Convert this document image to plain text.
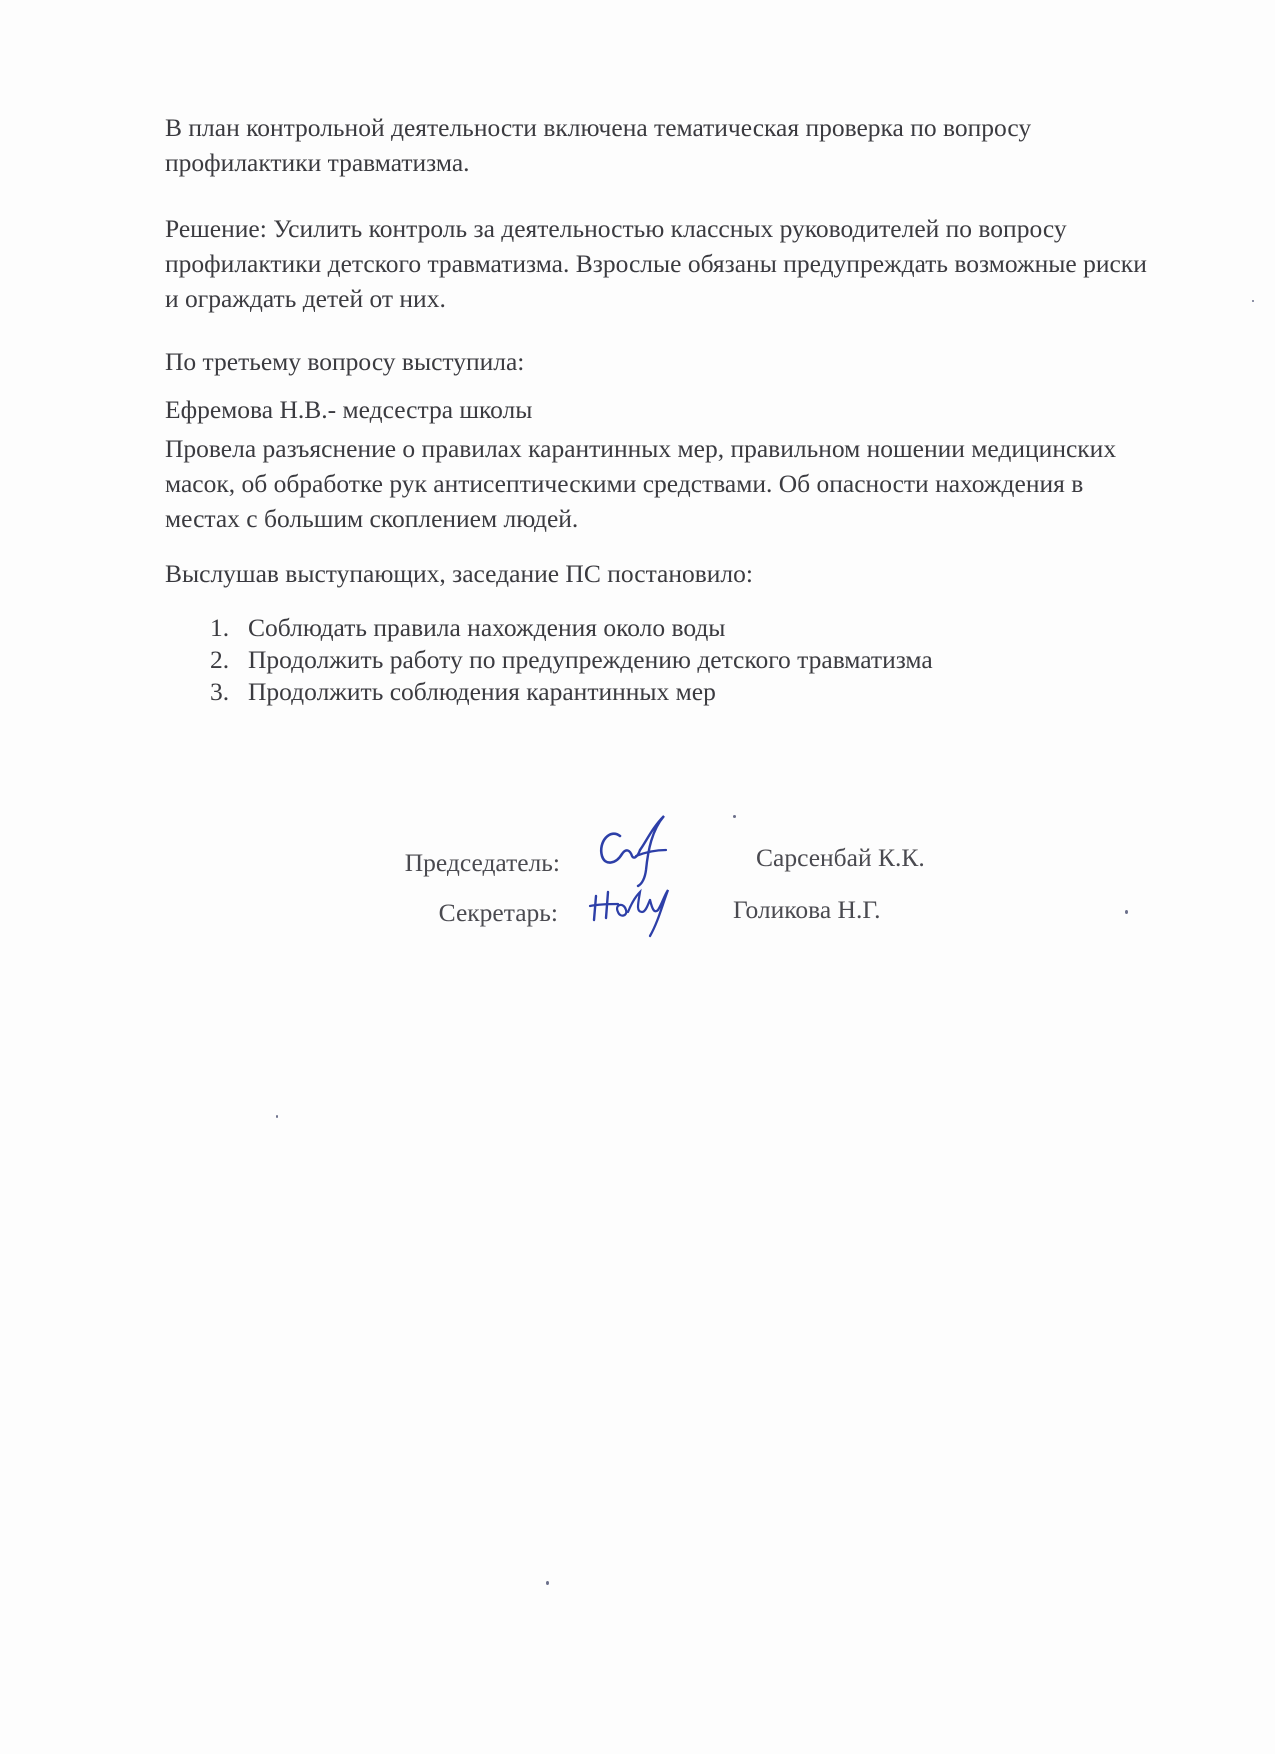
В план контрольной деятельности включена тематическая проверка по вопросу профилактики травматизма.

Решение: Усилить контроль за деятельностью классных руководителей по вопросу профилактики детского травматизма. Взрослые обязаны предупреждать возможные риски и ограждать детей от них.

По третьему вопросу выступила:

Ефремова Н.В.- медсестра школы

Провела разъяснение о правилах карантинных мер, правильном ношении медицинских масок, об обработке рук антисептическими средствами. Об опасности нахождения в местах с большим скоплением людей.

Выслушав выступающих, заседание ПС постановило:

1. Соблюдать правила нахождения около воды
2. Продолжить работу по предупреждению детского травматизма
3. Продолжить соблюдения карантинных мер
Председатель:	Сарсенбай К.К.
Секретарь:	Голикова Н.Г.
